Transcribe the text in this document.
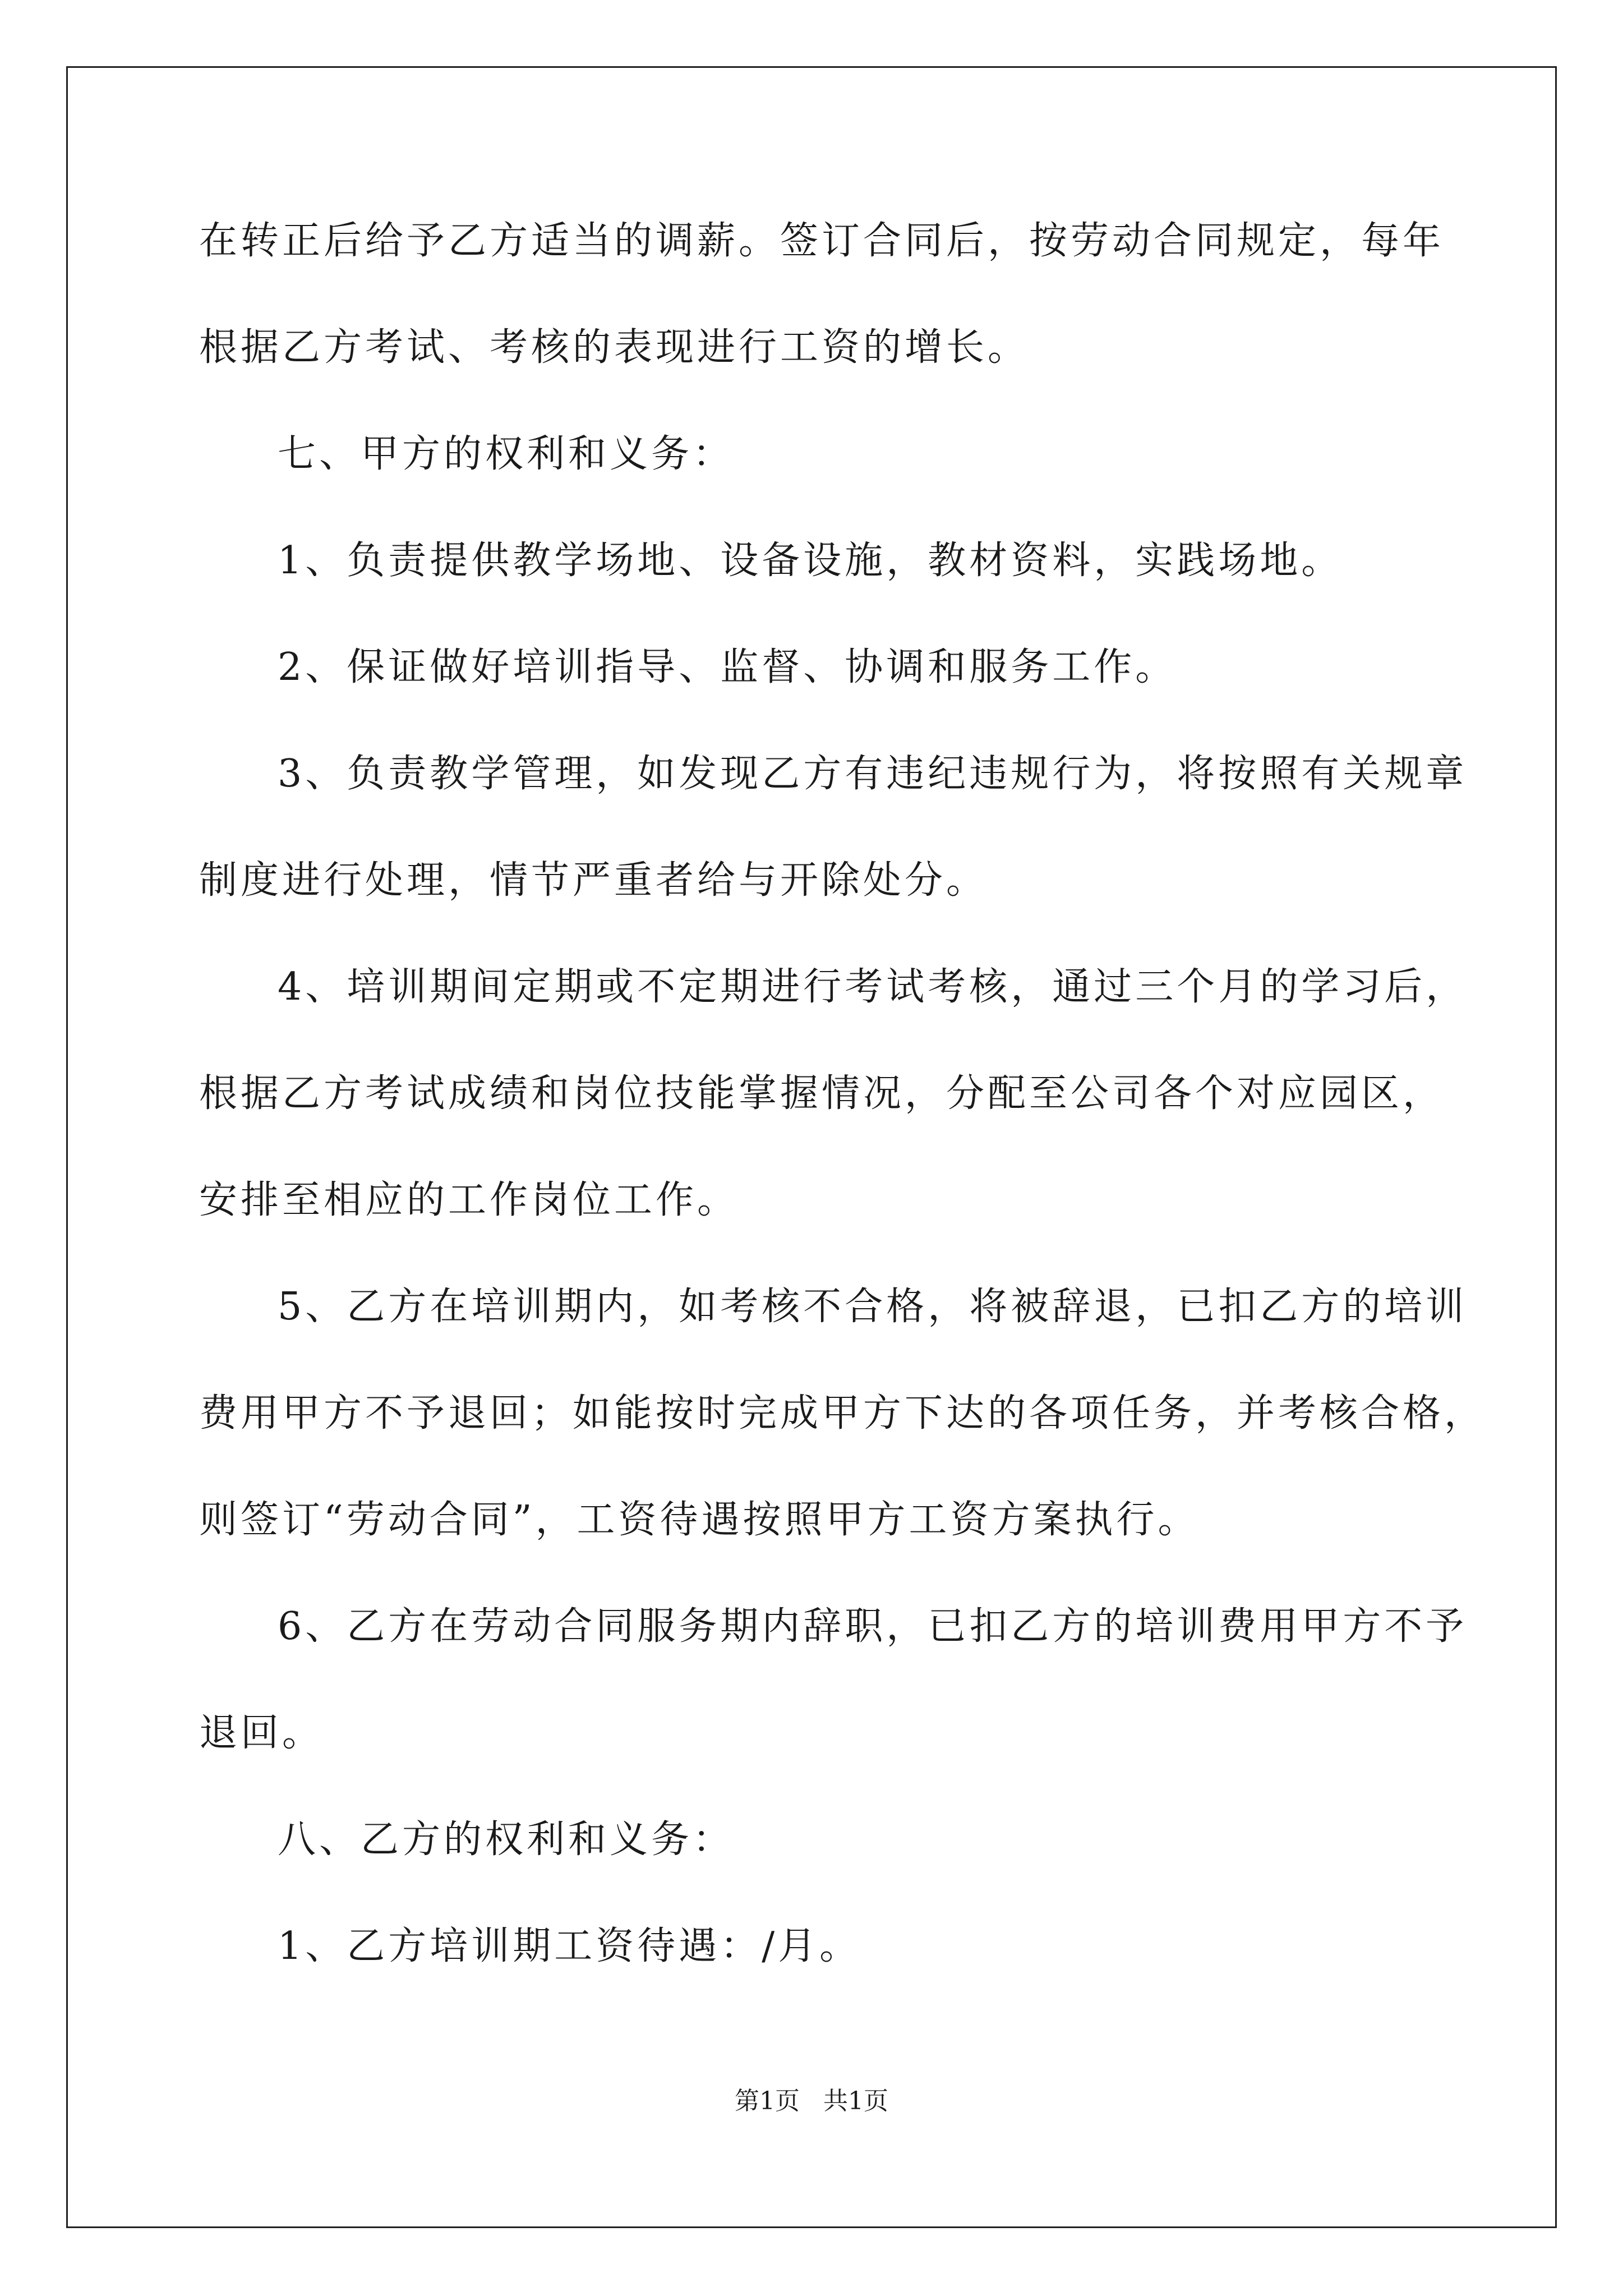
在转正后给予乙方适当的调薪。签订合同后，按劳动合同规定，每年
根据乙方考试、考核的表现进行工资的增长。
七、甲方的权利和义务：
1、负责提供教学场地、设备设施，教材资料，实践场地。
2、保证做好培训指导、监督、协调和服务工作。
3、负责教学管理，如发现乙方有违纪违规行为，将按照有关规章
制度进行处理，情节严重者给与开除处分。
4、培训期间定期或不定期进行考试考核，通过三个月的学习后，
根据乙方考试成绩和岗位技能掌握情况，分配至公司各个对应园区，
安排至相应的工作岗位工作。
5、乙方在培训期内，如考核不合格，将被辞退，已扣乙方的培训
费用甲方不予退回；如能按时完成甲方下达的各项任务，并考核合格，
则签订“劳动合同”，工资待遇按照甲方工资方案执行。
6、乙方在劳动合同服务期内辞职，已扣乙方的培训费用甲方不予
退回。
八、乙方的权利和义务：
1、乙方培训期工资待遇：/月。
第1页   共1页
